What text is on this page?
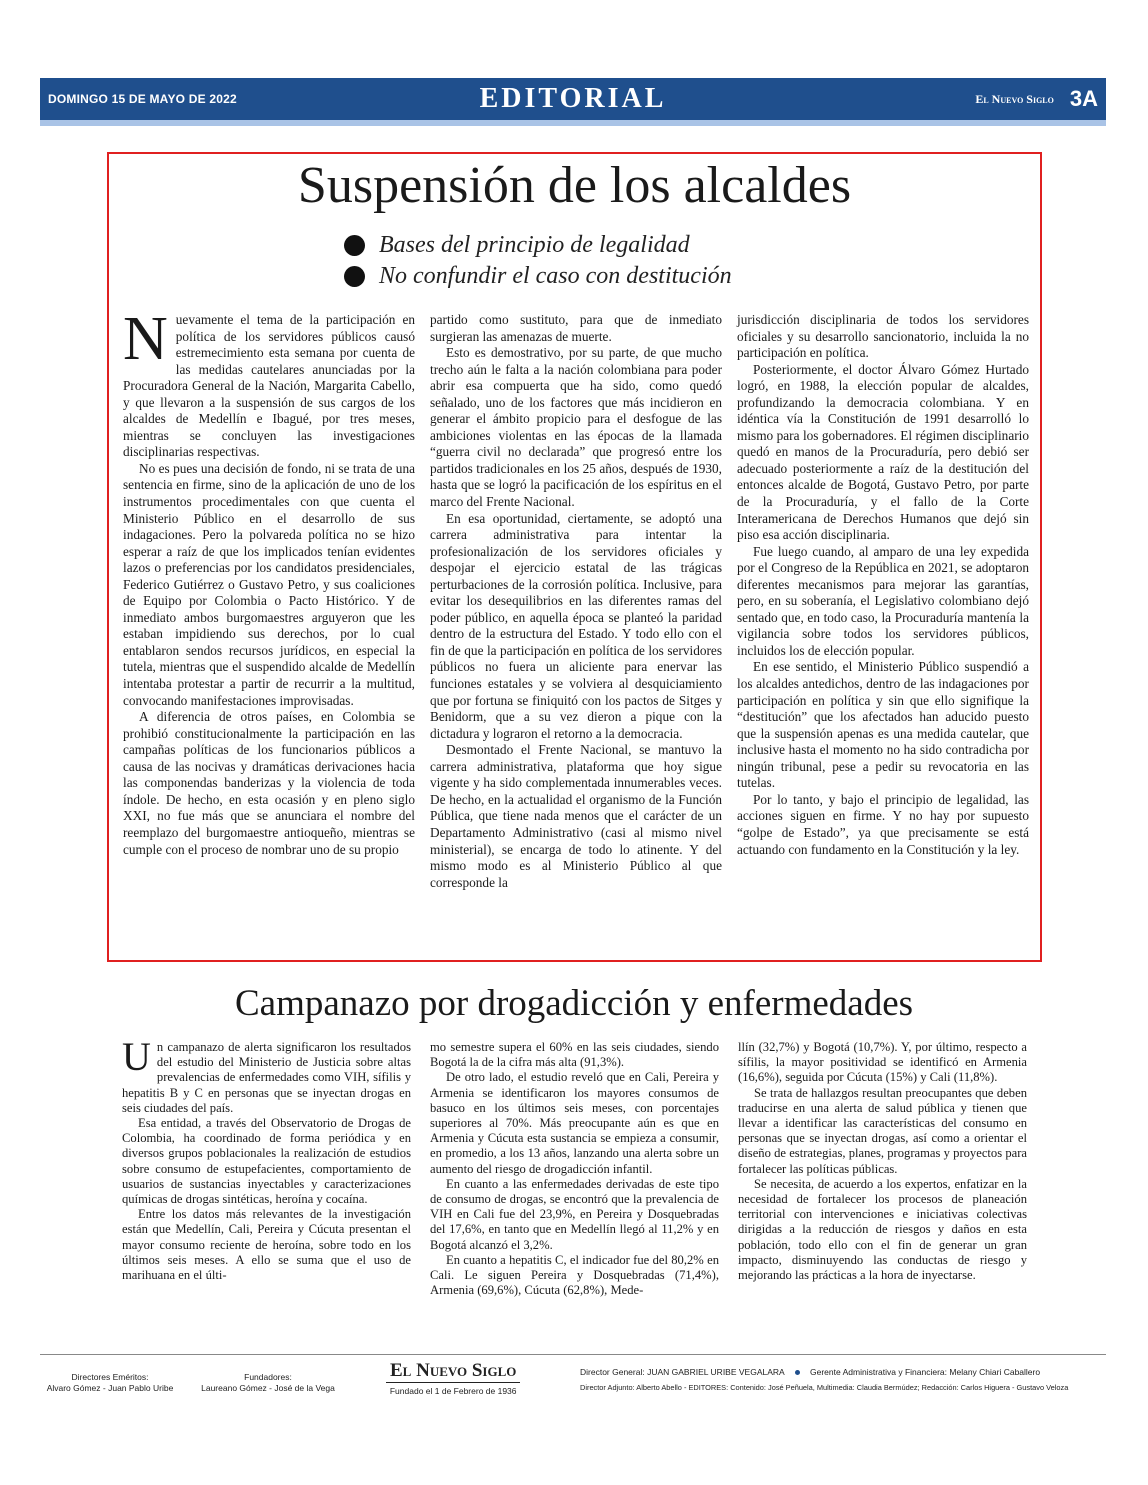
DOMINGO 15 DE MAYO DE 2022	EDITORIAL	El Nuevo Siglo 3A
Suspensión de los alcaldes
Bases del principio de legalidad
No confundir el caso con destitución

Nuevamente el tema de la participación en política de los servidores públicos causó estremecimiento esta semana por cuenta de las medidas cautelares anunciadas por la Procuradora General de la Nación, Margarita Cabello, y que llevaron a la suspensión de sus cargos de los alcaldes de Medellín e Ibagué, por tres meses, mientras se concluyen las investigaciones disciplinarias respectivas.

No es pues una decisión de fondo, ni se trata de una sentencia en firme, sino de la aplicación de uno de los instrumentos procedimentales con que cuenta el Ministerio Público en el desarrollo de sus indagaciones. Pero la polvareda política no se hizo esperar a raíz de que los implicados tenían evidentes lazos o preferencias por los candidatos presidenciales, Federico Gutiérrez o Gustavo Petro, y sus coaliciones de Equipo por Colombia o Pacto Histórico. Y de inmediato ambos burgomaestres arguyeron que les estaban impidiendo sus derechos, por lo cual entablaron sendos recursos jurídicos, en especial la tutela, mientras que el suspendido alcalde de Medellín intentaba protestar a partir de recurrir a la multitud, convocando manifestaciones improvisadas.

A diferencia de otros países, en Colombia se prohibió constitucionalmente la participación en las campañas políticas de los funcionarios públicos a causa de las nocivas y dramáticas derivaciones hacia las componendas banderizas y la violencia de toda índole. De hecho, en esta ocasión y en pleno siglo XXI, no fue más que se anunciara el nombre del reemplazo del burgomaestre antioqueño, mientras se cumple con el proceso de nombrar uno de su propio

partido como sustituto, para que de inmediato surgieran las amenazas de muerte.

Esto es demostrativo, por su parte, de que mucho trecho aún le falta a la nación colombiana para poder abrir esa compuerta que ha sido, como quedó señalado, uno de los factores que más incidieron en generar el ámbito propicio para el desfogue de las ambiciones violentas en las épocas de la llamada “guerra civil no declarada” que progresó entre los partidos tradicionales en los 25 años, después de 1930, hasta que se logró la pacificación de los espíritus en el marco del Frente Nacional.

En esa oportunidad, ciertamente, se adoptó una carrera administrativa para intentar la profesionalización de los servidores oficiales y despojar el ejercicio estatal de las trágicas perturbaciones de la corrosión política. Inclusive, para evitar los desequilibrios en las diferentes ramas del poder público, en aquella época se planteó la paridad dentro de la estructura del Estado. Y todo ello con el fin de que la participación en política de los servidores públicos no fuera un aliciente para enervar las funciones estatales y se volviera al desquiciamiento que por fortuna se finiquitó con los pactos de Sitges y Benidorm, que a su vez dieron a pique con la dictadura y lograron el retorno a la democracia.

Desmontado el Frente Nacional, se mantuvo la carrera administrativa, plataforma que hoy sigue vigente y ha sido complementada innumerables veces. De hecho, en la actualidad el organismo de la Función Pública, que tiene nada menos que el carácter de un Departamento Administrativo (casi al mismo nivel ministerial), se encarga de todo lo atinente. Y del mismo modo es al Ministerio Público al que corresponde la

jurisdicción disciplinaria de todos los servidores oficiales y su desarrollo sancionatorio, incluida la no participación en política.

Posteriormente, el doctor Álvaro Gómez Hurtado logró, en 1988, la elección popular de alcaldes, profundizando la democracia colombiana. Y en idéntica vía la Constitución de 1991 desarrolló lo mismo para los gobernadores. El régimen disciplinario quedó en manos de la Procuraduría, pero debió ser adecuado posteriormente a raíz de la destitución del entonces alcalde de Bogotá, Gustavo Petro, por parte de la Procuraduría, y el fallo de la Corte Interamericana de Derechos Humanos que dejó sin piso esa acción disciplinaria.

Fue luego cuando, al amparo de una ley expedida por el Congreso de la República en 2021, se adoptaron diferentes mecanismos para mejorar las garantías, pero, en su soberanía, el Legislativo colombiano dejó sentado que, en todo caso, la Procuraduría mantenía la vigilancia sobre todos los servidores públicos, incluidos los de elección popular.

En ese sentido, el Ministerio Público suspendió a los alcaldes antedichos, dentro de las indagaciones por participación en política y sin que ello signifique la “destitución” que los afectados han aducido puesto que la suspensión apenas es una medida cautelar, que inclusive hasta el momento no ha sido contradicha por ningún tribunal, pese a pedir su revocatoria en las tutelas.

Por lo tanto, y bajo el principio de legalidad, las acciones siguen en firme. Y no hay por supuesto “golpe de Estado”, ya que precisamente se está actuando con fundamento en la Constitución y la ley.

Campanazo por drogadicción y enfermedades

Un campanazo de alerta significaron los resultados del estudio del Ministerio de Justicia sobre altas prevalencias de enfermedades como VIH, sífilis y hepatitis B y C en personas que se inyectan drogas en seis ciudades del país.

Esa entidad, a través del Observatorio de Drogas de Colombia, ha coordinado de forma periódica y en diversos grupos poblacionales la realización de estudios sobre consumo de estupefacientes, comportamiento de usuarios de sustancias inyectables y caracterizaciones químicas de drogas sintéticas, heroína y cocaína.

Entre los datos más relevantes de la investigación están que Medellín, Cali, Pereira y Cúcuta presentan el mayor consumo reciente de heroína, sobre todo en los últimos seis meses. A ello se suma que el uso de marihuana en el últi-

mo semestre supera el 60% en las seis ciudades, siendo Bogotá la de la cifra más alta (91,3%).

De otro lado, el estudio reveló que en Cali, Pereira y Armenia se identificaron los mayores consumos de basuco en los últimos seis meses, con porcentajes superiores al 70%. Más preocupante aún es que en Armenia y Cúcuta esta sustancia se empieza a consumir, en promedio, a los 13 años, lanzando una alerta sobre un aumento del riesgo de drogadicción infantil.

En cuanto a las enfermedades derivadas de este tipo de consumo de drogas, se encontró que la prevalencia de VIH en Cali fue del 23,9%, en Pereira y Dosquebradas del 17,6%, en tanto que en Medellín llegó al 11,2% y en Bogotá alcanzó el 3,2%.

En cuanto a hepatitis C, el indicador fue del 80,2% en Cali. Le siguen Pereira y Dosquebradas (71,4%), Armenia (69,6%), Cúcuta (62,8%), Mede-

llín (32,7%) y Bogotá (10,7%). Y, por último, respecto a sífilis, la mayor positividad se identificó en Armenia (16,6%), seguida por Cúcuta (15%) y Cali (11,8%).

Se trata de hallazgos resultan preocupantes que deben traducirse en una alerta de salud pública y tienen que llevar a identificar las características del consumo en personas que se inyectan drogas, así como a orientar el diseño de estrategias, planes, programas y proyectos para fortalecer las políticas públicas.

Se necesita, de acuerdo a los expertos, enfatizar en la necesidad de fortalecer los procesos de planeación territorial con intervenciones e iniciativas colectivas dirigidas a la reducción de riesgos y daños en esta población, todo ello con el fin de generar un gran impacto, disminuyendo las conductas de riesgo y mejorando las prácticas a la hora de inyectarse.

Directores Eméritos:
Alvaro Gómez - Juan Pablo Uribe
Fundadores:
Laureano Gómez - José de la Vega
El Nuevo Siglo
Fundado el 1 de Febrero de 1936
Director General: JUAN GABRIEL URIBE VEGALARA	Gerente Administrativa y Financiera: Melany Chiari Caballero
Director Adjunto: Alberto Abello - EDITORES: Contenido: José Peñuela, Multimedia: Claudia Bermúdez; Redacción: Carlos Higuera - Gustavo Veloza
